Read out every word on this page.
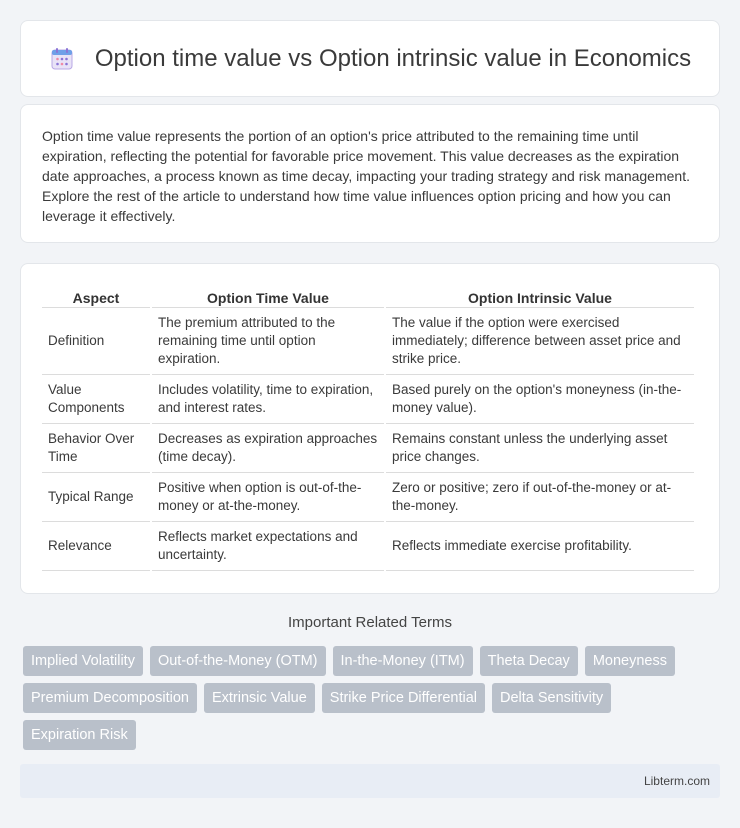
Option time value vs Option intrinsic value in Economics

Option time value represents the portion of an option's price attributed to the remaining time until expiration, reflecting the potential for favorable price movement. This value decreases as the expiration date approaches, a process known as time decay, impacting your trading strategy and risk management. Explore the rest of the article to understand how time value influences option pricing and how you can leverage it effectively.

Aspect	Option Time Value	Option Intrinsic Value
Definition	The premium attributed to the remaining time until option expiration.	The value if the option were exercised immediately; difference between asset price and strike price.
Value Components	Includes volatility, time to expiration, and interest rates.	Based purely on the option's moneyness (in-the-money value).
Behavior Over Time	Decreases as expiration approaches (time decay).	Remains constant unless the underlying asset price changes.
Typical Range	Positive when option is out-of-the-money or at-the-money.	Zero or positive; zero if out-of-the-money or at-the-money.
Relevance	Reflects market expectations and uncertainty.	Reflects immediate exercise profitability.
Important Related Terms
Implied Volatility	Out-of-the-Money (OTM)	In-the-Money (ITM)	Theta Decay	Moneyness
Premium Decomposition	Extrinsic Value	Strike Price Differential	Delta Sensitivity
Expiration Risk
Libterm.com
